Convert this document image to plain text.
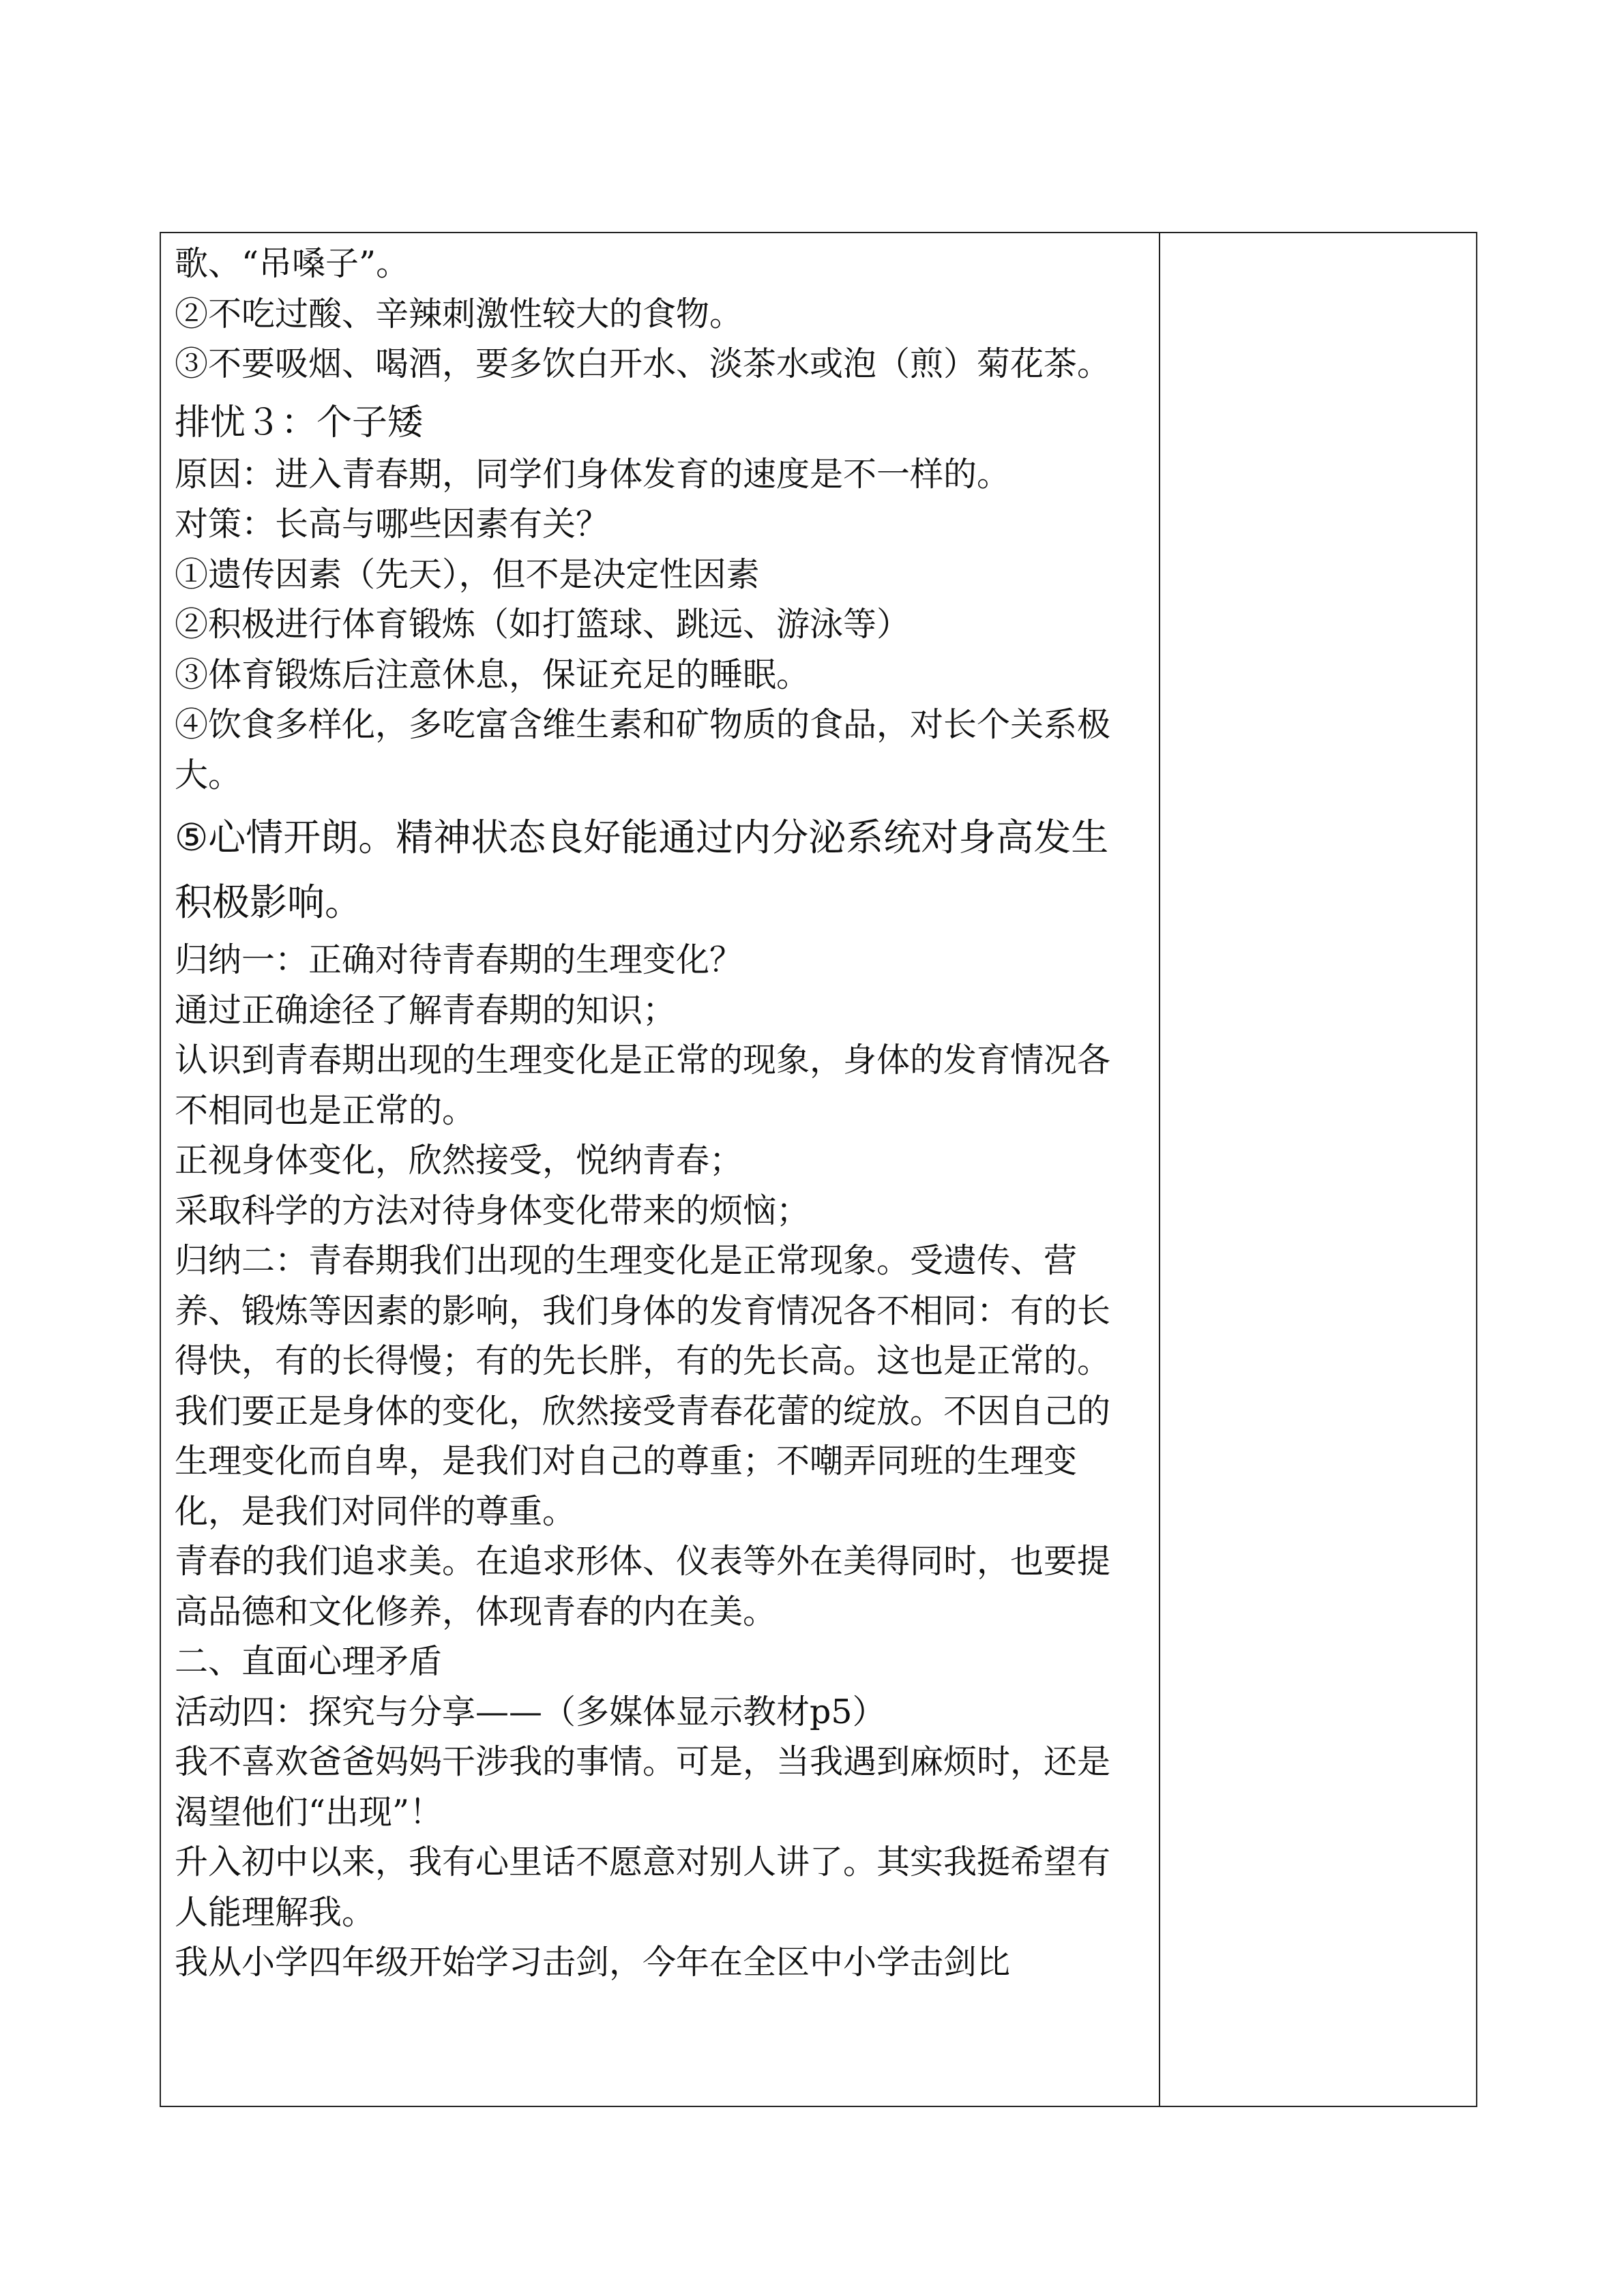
歌、“吊嗓子”。

②不吃过酸、辛辣刺激性较大的食物。

③不要吸烟、喝酒，要多饮白开水、淡茶水或泡（煎）菊花茶。

排忧３：个子矮

原因：进入青春期，同学们身体发育的速度是不一样的。

对策：长高与哪些因素有关？

①遗传因素（先天），但不是决定性因素

②积极进行体育锻炼（如打篮球、跳远、游泳等）

③体育锻炼后注意休息，保证充足的睡眠。

④饮食多样化，多吃富含维生素和矿物质的食品，对长个关系极大。

⑤心情开朗。精神状态良好能通过内分泌系统对身高发生积极影响。

归纳一：正确对待青春期的生理变化？

通过正确途径了解青春期的知识；

认识到青春期出现的生理变化是正常的现象，身体的发育情况各不相同也是正常的。

正视身体变化，欣然接受，悦纳青春；

采取科学的方法对待身体变化带来的烦恼；

归纳二：青春期我们出现的生理变化是正常现象。受遗传、营养、锻炼等因素的影响，我们身体的发育情况各不相同：有的长得快，有的长得慢；有的先长胖，有的先长高。这也是正常的。我们要正是身体的变化，欣然接受青春花蕾的绽放。不因自己的生理变化而自卑，是我们对自己的尊重；不嘲弄同班的生理变化，是我们对同伴的尊重。

青春的我们追求美。在追求形体、仪表等外在美得同时，也要提高品德和文化修养，体现青春的内在美。

二、直面心理矛盾

活动四：探究与分享——（多媒体显示教材p5）

我不喜欢爸爸妈妈干涉我的事情。可是，当我遇到麻烦时，还是渴望他们“出现”！

升入初中以来，我有心里话不愿意对别人讲了。其实我挺希望有人能理解我。

我从小学四年级开始学习击剑，今年在全区中小学击剑比
